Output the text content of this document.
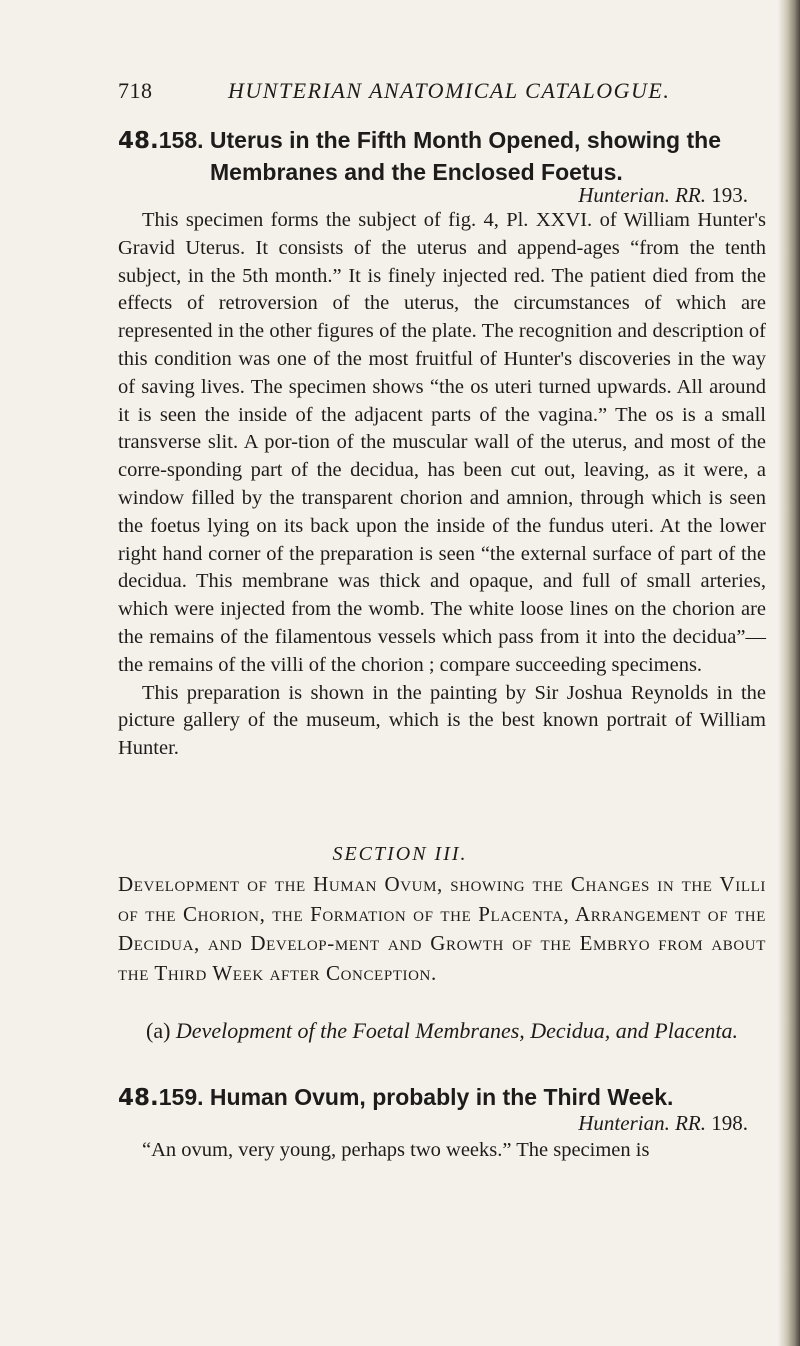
718	HUNTERIAN ANATOMICAL CATALOGUE.
48.158. Uterus in the Fifth Month Opened, showing the
Membranes and the Enclosed Foetus.
Hunterian. RR. 193.

This specimen forms the subject of fig. 4, Pl. XXVI. of William Hunter's Gravid Uterus. It consists of the uterus and append-ages “from the tenth subject, in the 5th month.” It is finely injected red. The patient died from the effects of retroversion of the uterus, the circumstances of which are represented in the other figures of the plate. The recognition and description of this condition was one of the most fruitful of Hunter's discoveries in the way of saving lives. The specimen shows “the os uteri turned upwards. All around it is seen the inside of the adjacent parts of the vagina.” The os is a small transverse slit. A por-tion of the muscular wall of the uterus, and most of the corre-sponding part of the decidua, has been cut out, leaving, as it were, a window filled by the transparent chorion and amnion, through which is seen the foetus lying on its back upon the inside of the fundus uteri. At the lower right hand corner of the preparation is seen “the external surface of part of the decidua. This membrane was thick and opaque, and full of small arteries, which were injected from the womb. The white loose lines on the chorion are the remains of the filamentous vessels which pass from it into the decidua”—the remains of the villi of the chorion ; compare succeeding specimens.

This preparation is shown in the painting by Sir Joshua Reynolds in the picture gallery of the museum, which is the best known portrait of William Hunter.

SECTION III.
Development of the Human Ovum, showing the Changes in the Villi of the Chorion, the Formation of the Placenta, Arrangement of the Decidua, and Develop-ment and Growth of the Embryo from about the Third Week after Conception.
(a) Development of the Foetal Membranes, Decidua, and Placenta.
48.159. Human Ovum, probably in the Third Week.
Hunterian. RR. 198.

“An ovum, very young, perhaps two weeks.” The specimen is
